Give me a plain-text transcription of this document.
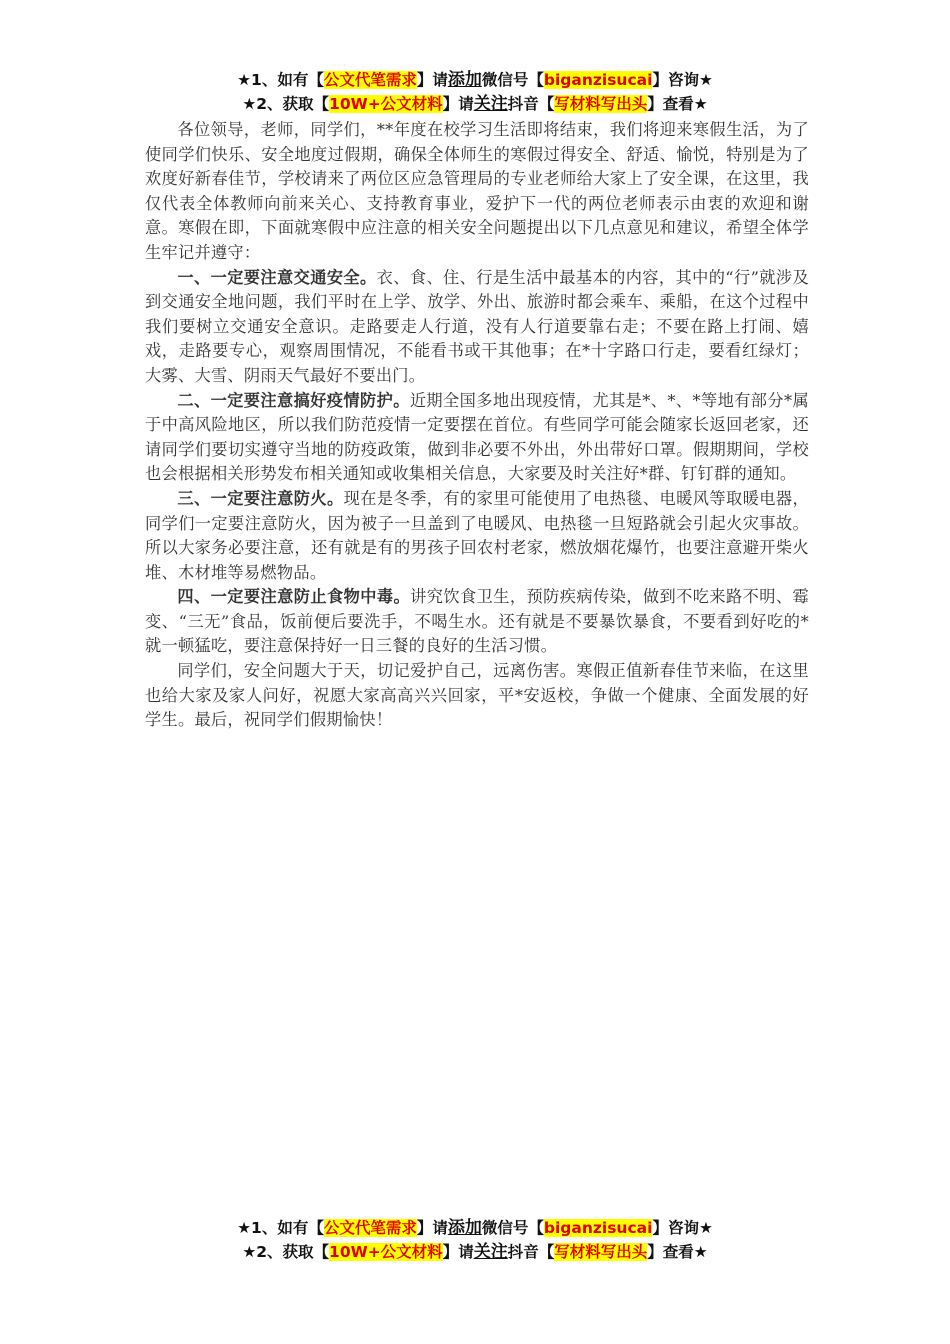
★1、如有【公文代笔需求】请添加微信号【biganzisucai】咨询★
★2、获取【10W+公文材料】请关注抖音【写材料写出头】查看★

各位领导，老师，同学们，**年度在校学习生活即将结束，我们将迎来寒假生活，为了使同学们快乐、安全地度过假期，确保全体师生的寒假过得安全、舒适、愉悦，特别是为了欢度好新春佳节，学校请来了两位区应急管理局的专业老师给大家上了安全课，在这里，我仅代表全体教师向前来关心、支持教育事业，爱护下一代的两位老师表示由衷的欢迎和谢意。寒假在即，下面就寒假中应注意的相关安全问题提出以下几点意见和建议，希望全体学生牢记并遵守：

一、一定要注意交通安全。衣、食、住、行是生活中最基本的内容，其中的“行”就涉及到交通安全地问题，我们平时在上学、放学、外出、旅游时都会乘车、乘船，在这个过程中我们要树立交通安全意识。走路要走人行道，没有人行道要靠右走；不要在路上打闹、嬉戏，走路要专心，观察周围情况，不能看书或干其他事；在*十字路口行走，要看红绿灯；大雾、大雪、阴雨天气最好不要出门。

二、一定要注意搞好疫情防护。近期全国多地出现疫情，尤其是*、*、*等地有部分*属于中高风险地区，所以我们防范疫情一定要摆在首位。有些同学可能会随家长返回老家，还请同学们要切实遵守当地的防疫政策，做到非必要不外出，外出带好口罩。假期期间，学校也会根据相关形势发布相关通知或收集相关信息，大家要及时关注好*群、钉钉群的通知。

三、一定要注意防火。现在是冬季，有的家里可能使用了电热毯、电暖风等取暖电器，同学们一定要注意防火，因为被子一旦盖到了电暖风、电热毯一旦短路就会引起火灾事故。所以大家务必要注意，还有就是有的男孩子回农村老家，燃放烟花爆竹，也要注意避开柴火堆、木材堆等易燃物品。

四、一定要注意防止食物中毒。讲究饮食卫生，预防疾病传染，做到不吃来路不明、霉变、“三无”食品，饭前便后要洗手，不喝生水。还有就是不要暴饮暴食，不要看到好吃的*就一顿猛吃，要注意保持好一日三餐的良好的生活习惯。

同学们，安全问题大于天，切记爱护自己，远离伤害。寒假正值新春佳节来临，在这里也给大家及家人问好，祝愿大家高高兴兴回家，平*安返校，争做一个健康、全面发展的好学生。最后，祝同学们假期愉快！

★1、如有【公文代笔需求】请添加微信号【biganzisucai】咨询★
★2、获取【10W+公文材料】请关注抖音【写材料写出头】查看★
